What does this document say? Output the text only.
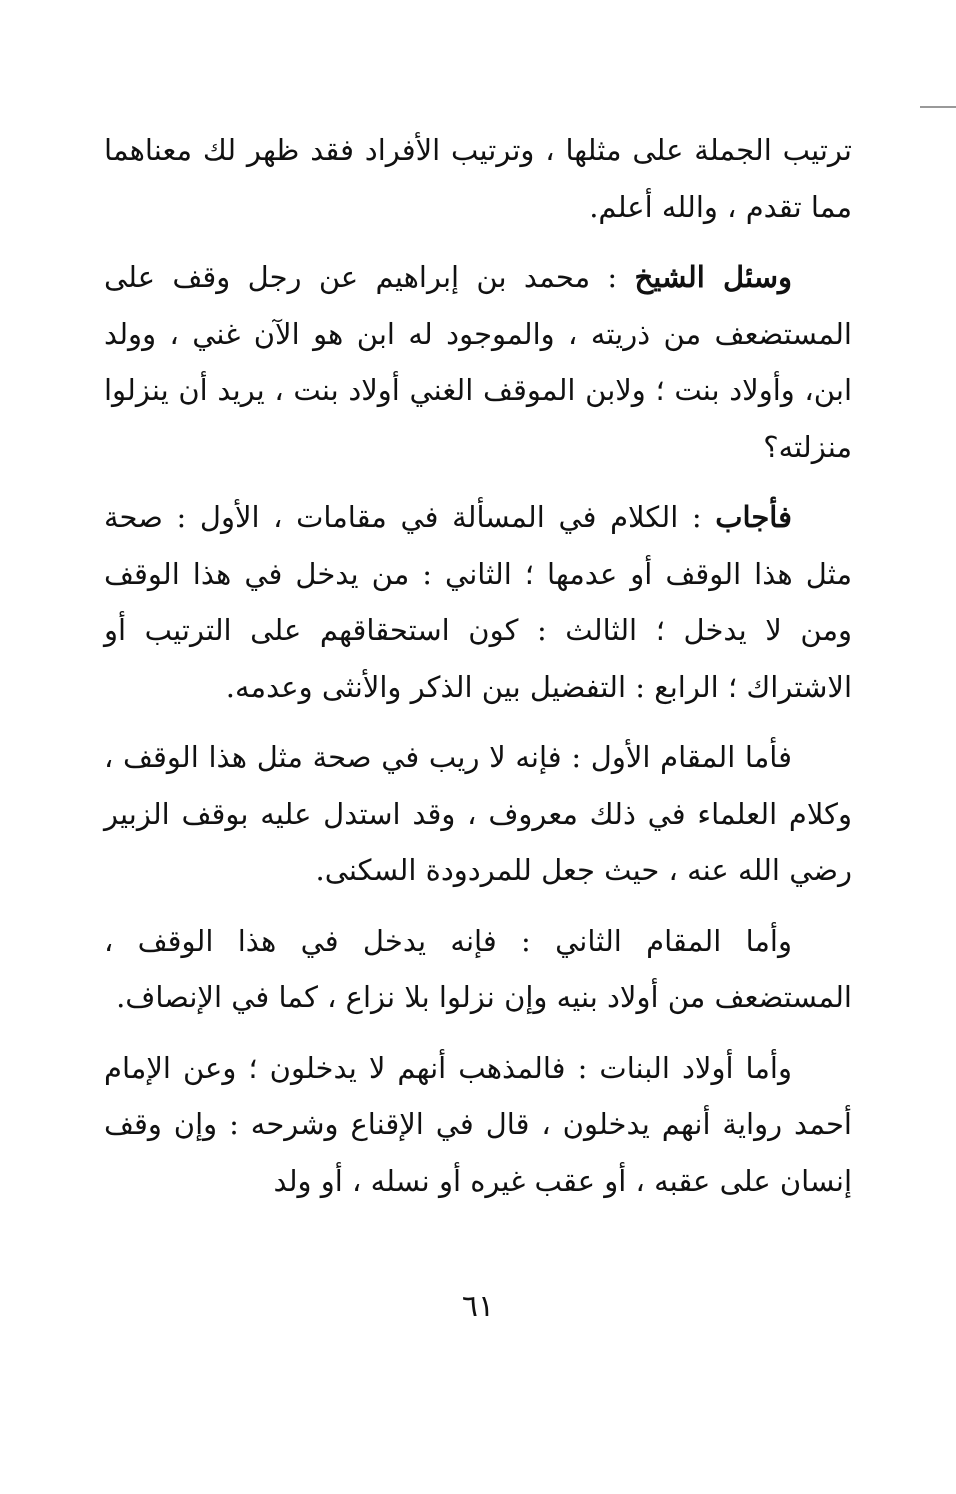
ترتيب الجملة على مثلها ، وترتيب الأفراد فقد ظهر لك معناهما مما تقدم ، والله أعلم.

وسئل الشيخ : محمد بن إبراهيم عن رجل وقف على المستضعف من ذريته ، والموجود له ابن هو الآن غني ، وولد ابن، وأولاد بنت ؛ ولابن الموقف الغني أولاد بنت ، يريد أن ينزلوا منزلته؟

فأجاب : الكلام في المسألة في مقامات ، الأول : صحة مثل هذا الوقف أو عدمها ؛ الثاني : من يدخل في هذا الوقف ومن لا يدخل ؛ الثالث : كون استحقاقهم على الترتيب أو الاشتراك ؛ الرابع : التفضيل بين الذكر والأنثى وعدمه.

فأما المقام الأول : فإنه لا ريب في صحة مثل هذا الوقف ، وكلام العلماء في ذلك معروف ، وقد استدل عليه بوقف الزبير رضي الله عنه ، حيث جعل للمردودة السكنى.

وأما المقام الثاني : فإنه يدخل في هذا الوقف ، المستضعف من أولاد بنيه وإن نزلوا بلا نزاع ، كما في الإنصاف.

وأما أولاد البنات : فالمذهب أنهم لا يدخلون ؛ وعن الإمام أحمد رواية أنهم يدخلون ، قال في الإقناع وشرحه : وإن وقف إنسان على عقبه ، أو عقب غيره أو نسله ، أو ولد

٦١
